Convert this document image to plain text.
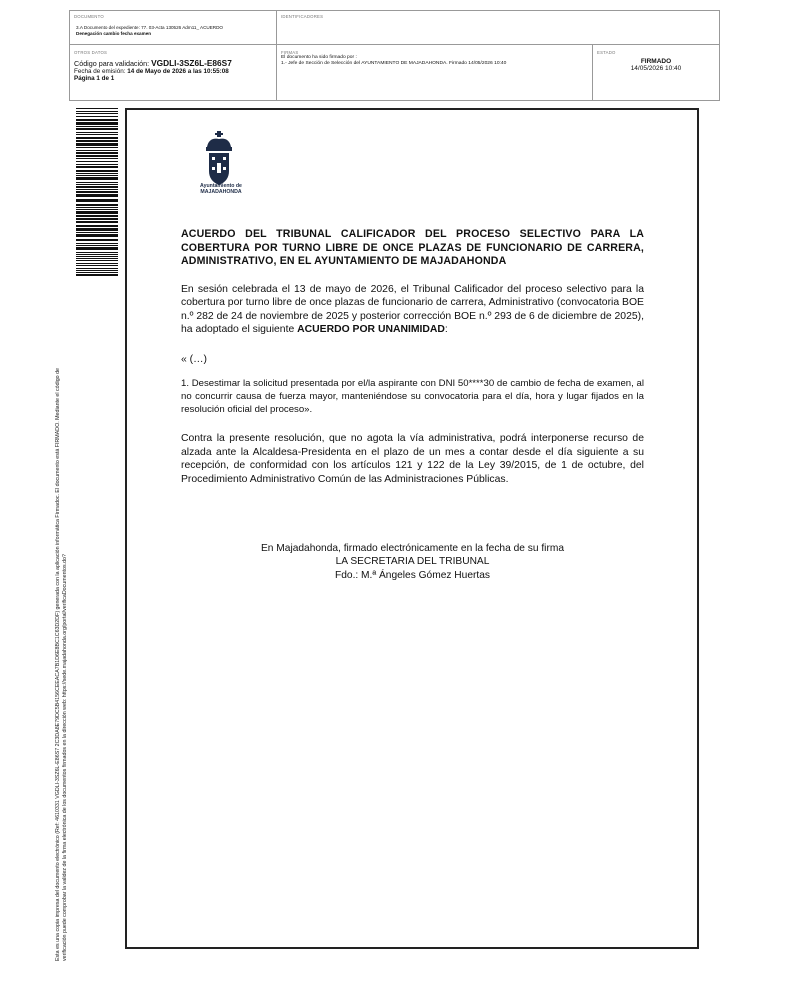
DOCUMENTO
3.A Documento del expediente: 77. 03-Acta 130526 Adm11_ ACUERDO
Denegación cambio fecha examen
IDENTIFICADORES
OTROS DATOS
Código para validación: VGDLI-3SZ6L-E86S7
Fecha de emisión: 14 de Mayo de 2026 a las 10:55:08
Página 1 de 1
FIRMAS
El documento ha sido firmado por :
1.- Jefe de Sección de Selección del AYUNTAMIENTO DE MAJADAHONDA. Firmado 14/05/2026 10:40
ESTADO
FIRMADO
14/05/2026 10:40
Esta es una copia impresa del documento electrónico (Ref: 4610331 VGDLI-3SZ6L-E86S7 2C3DA8E79DC5B4156CEEACA7B1D6E8BC1C63D2DF) generada con la aplicación informática Firmadoc. El documento está FIRMADO. Mediante el código de verificación puede comprobar la validez de la firma electrónica de los documentos firmados en la dirección web: https://sede.majadahonda.org/portal/verificaDocumentos.do?
Ayuntamiento de
MAJADAHONDA

ACUERDO DEL TRIBUNAL CALIFICADOR DEL PROCESO SELECTIVO PARA LA COBERTURA POR TURNO LIBRE DE ONCE PLAZAS DE FUNCIONARIO DE CARRERA, ADMINISTRATIVO, EN EL AYUNTAMIENTO DE MAJADAHONDA

En sesión celebrada el 13 de mayo de 2026, el Tribunal Calificador del proceso selectivo para la cobertura por turno libre de once plazas de funcionario de carrera, Administrativo (convocatoria BOE n.º 282 de 24 de noviembre de 2025 y posterior corrección BOE n.º 293 de 6 de diciembre de 2025), ha adoptado el siguiente ACUERDO POR UNANIMIDAD:

« (…)

1. Desestimar la solicitud presentada por el/la aspirante con DNI 50****30 de cambio de fecha de examen, al no concurrir causa de fuerza mayor, manteniéndose su convocatoria para el día, hora y lugar fijados en la resolución oficial del proceso».

Contra la presente resolución, que no agota la vía administrativa, podrá interponerse recurso de alzada ante la Alcaldesa-Presidenta en el plazo de un mes a contar desde el día siguiente a su recepción, de conformidad con los artículos 121 y 122 de la Ley 39/2015, de 1 de octubre, del Procedimiento Administrativo Común de las Administraciones Públicas.

En Majadahonda, firmado electrónicamente en la fecha de su firma
LA SECRETARIA DEL TRIBUNAL
Fdo.: M.ª Ángeles Gómez Huertas
